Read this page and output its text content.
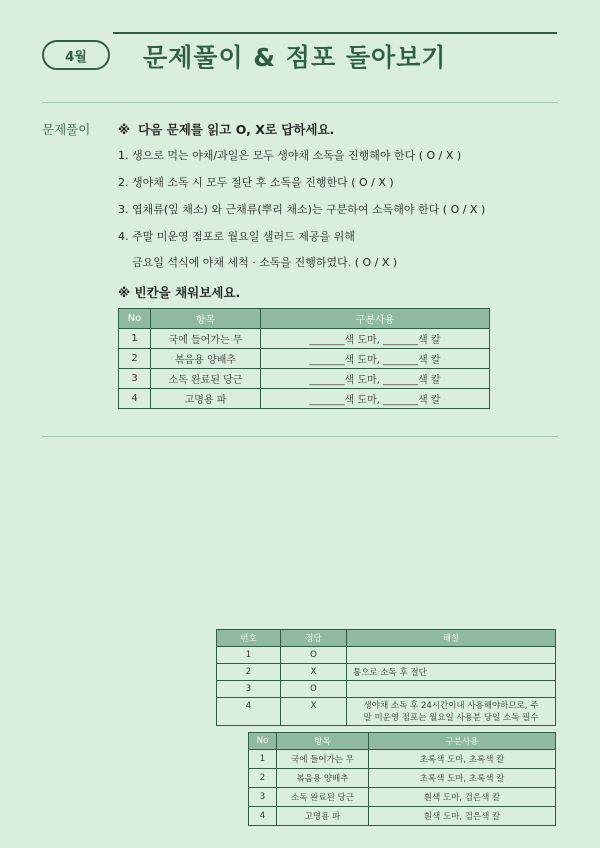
4월	문제풀이 & 점포 돌아보기
문제풀이 ※ 다음 문제를 읽고 O, X로 답하세요.
1. 생으로 먹는 야채/과일은 모두 생야채 소독을 진행해야 한다 ( O / X )
2. 생야채 소독 시 모두 절단 후 소독을 진행한다 ( O / X )
3. 엽채류(잎 채소) 와 근채류(뿌리 채소)는 구분하여 소독해야 한다 ( O / X )
4. 주말 미운영 점포로 월요일 샐러드 제공을 위해
금요일 석식에 야채 세척 · 소독을 진행하였다. ( O / X )
※ 빈칸을 채워보세요.
No	항목	구분사용
1	국에 들어가는 무	_______색 도마, _______색 칼
2	볶음용 양배추	_______색 도마, _______색 칼
3	소독 완료된 당근	_______색 도마, _______색 칼
4	고명용 파	_______색 도마, _______색 칼
번호	정답	해설
1	O	
2	X	통으로 소독 후 절단
3	O	
4	X	생야채 소독 후 24시간이내 사용해야하므로, 주
말 미운영 점포는 월요일 사용분 당일 소독 필수
No	항목	구분사용
1	국에 들어가는 무	초록색 도마, 초록색 칼
2	볶음용 양배추	초록색 도마, 초록색 칼
3	소독 완료된 당근	흰색 도마, 검은색 칼
4	고명용 파	흰색 도마, 검은색 칼
